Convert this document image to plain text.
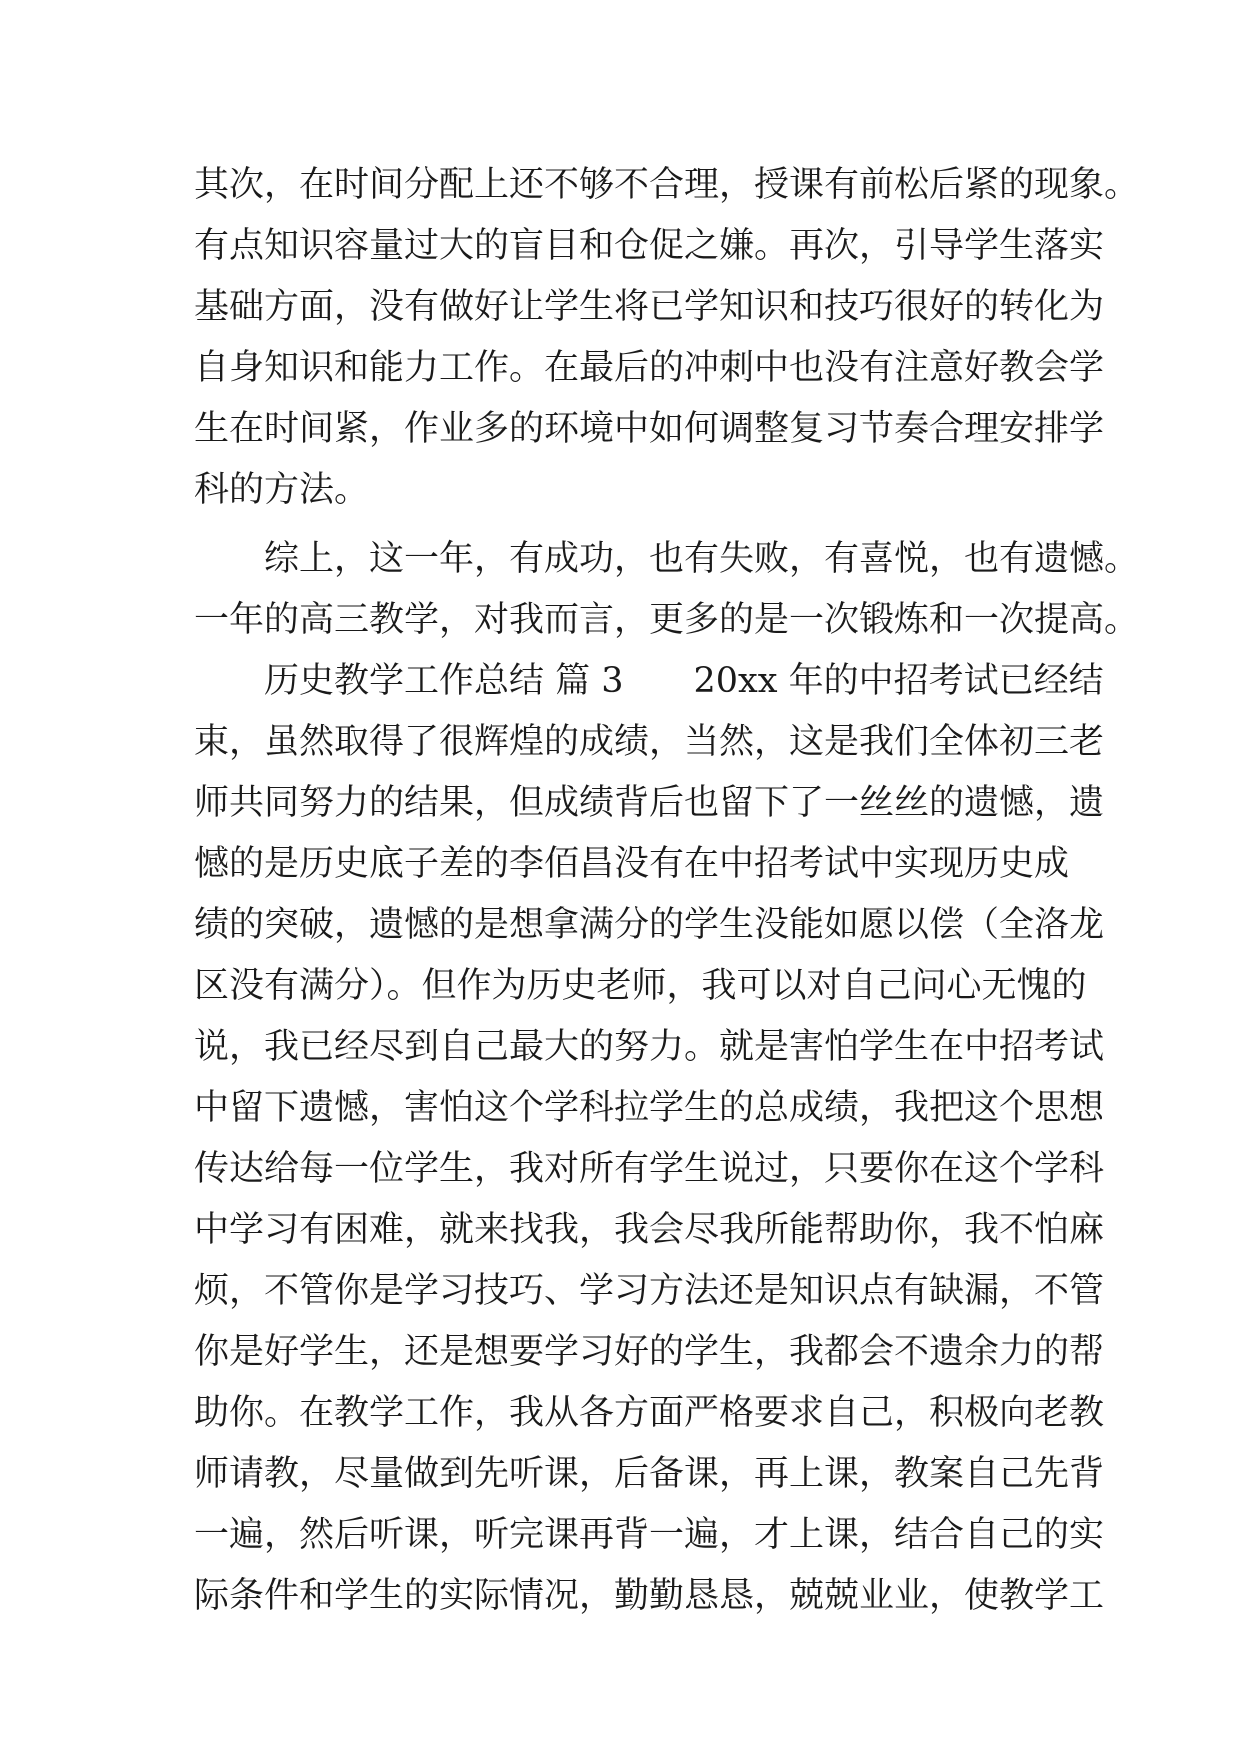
其次，在时间分配上还不够不合理，授课有前松后紧的现象。
有点知识容量过大的盲目和仓促之嫌。再次，引导学生落实
基础方面，没有做好让学生将已学知识和技巧很好的转化为
自身知识和能力工作。在最后的冲刺中也没有注意好教会学
生在时间紧，作业多的环境中如何调整复习节奏合理安排学
科的方法。
　　综上，这一年，有成功，也有失败，有喜悦，也有遗憾。
一年的高三教学，对我而言，更多的是一次锻炼和一次提高。
　　历史教学工作总结 篇 3　　20xx 年的中招考试已经结
束，虽然取得了很辉煌的成绩，当然，这是我们全体初三老
师共同努力的结果，但成绩背后也留下了一丝丝的遗憾，遗
憾的是历史底子差的李佰昌没有在中招考试中实现历史成
绩的突破，遗憾的是想拿满分的学生没能如愿以偿（全洛龙
区没有满分）。但作为历史老师，我可以对自己问心无愧的
说，我已经尽到自己最大的努力。就是害怕学生在中招考试
中留下遗憾，害怕这个学科拉学生的总成绩，我把这个思想
传达给每一位学生，我对所有学生说过，只要你在这个学科
中学习有困难，就来找我，我会尽我所能帮助你，我不怕麻
烦，不管你是学习技巧、学习方法还是知识点有缺漏，不管
你是好学生，还是想要学习好的学生，我都会不遗余力的帮
助你。在教学工作，我从各方面严格要求自己，积极向老教
师请教，尽量做到先听课，后备课，再上课，教案自己先背
一遍，然后听课，听完课再背一遍，才上课，结合自己的实
际条件和学生的实际情况，勤勤恳恳，兢兢业业，使教学工
